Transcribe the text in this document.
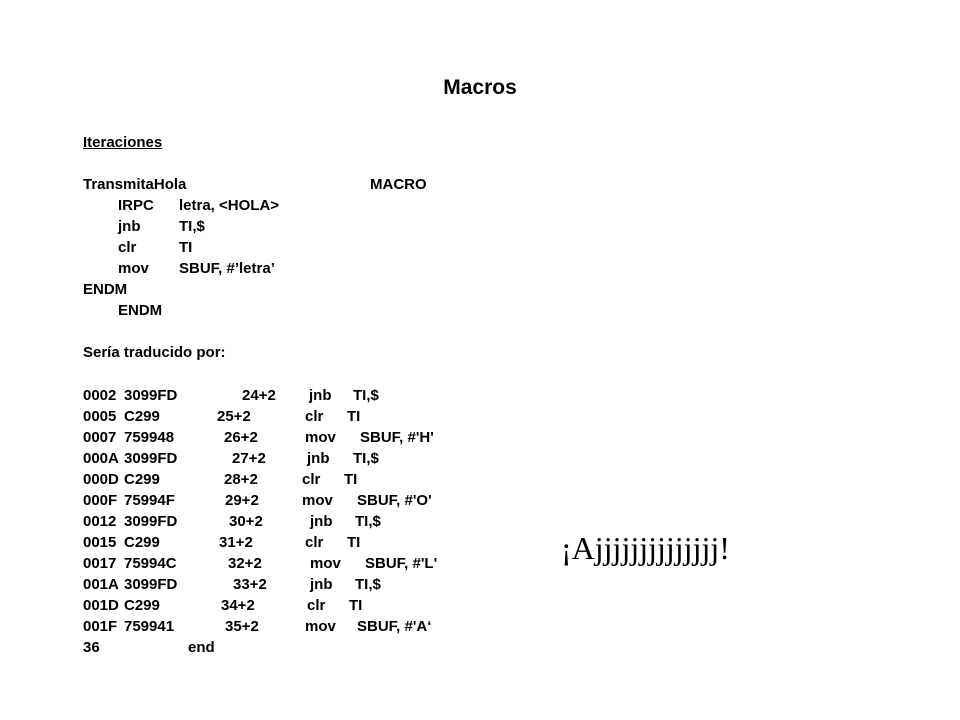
Macros
Iteraciones
TransmitaHola	MACRO
IRPC letra, <HOLA>
jnb	TI,$
clr	TI
mov SBUF, #’letra’
ENDM
ENDM
Sería traducido por:
0002 3099FD	24+2 jnb TI,$
0005 C299	25+2	clr TI
0007 759948	26+2	mov SBUF, #'H'
000A 3099FD	27+2	jnb TI,$
000D C299	28+2	clr TI
000F 75994F	29+2	mov SBUF, #'O'
0012 3099FD	30+2	jnb TI,$
0015 C299	31+2	clr TI
0017 75994C	32+2	mov SBUF, #'L'
001A 3099FD	33+2	jnb TI,$
001D C299	34+2	clr TI
001F 759941	35+2	mov SBUF, #'A‘
36	end
¡Ajjjjjjjjjjjjjj!
